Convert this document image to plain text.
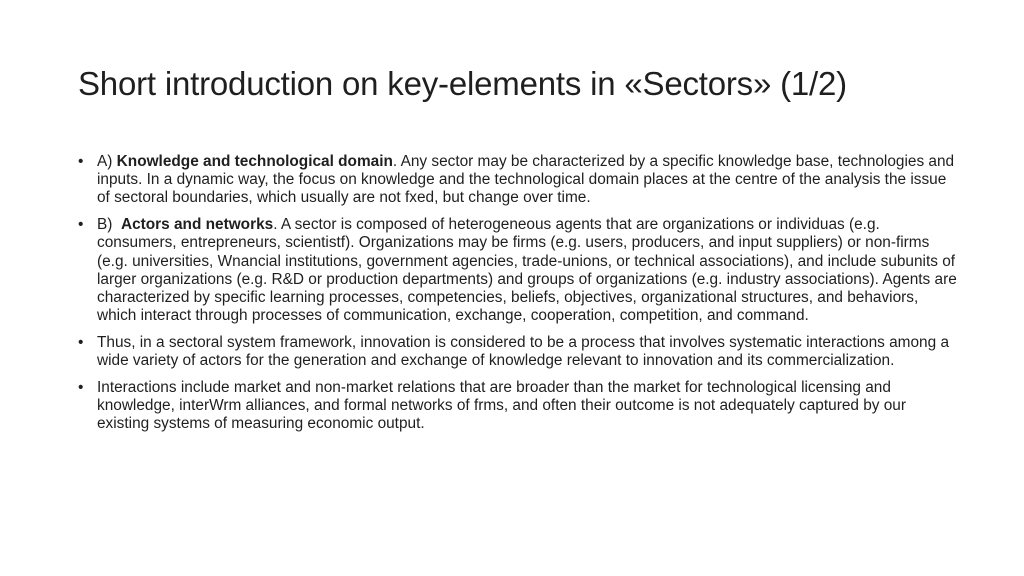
Short introduction on key-elements in «Sectors» (1/2)
• A) Knowledge and technological domain. Any sector may be characterized by a specific knowledge base, technologies and inputs. In a dynamic way, the focus on knowledge and the technological domain places at the centre of the analysis the issue of sectoral boundaries, which usually are not fxed, but change over time.
• B)  Actors and networks. A sector is composed of heterogeneous agents that are organizations or individuas (e.g. consumers, entrepreneurs, scientistf). Organizations may be firms (e.g. users, producers, and input suppliers) or non-firms (e.g. universities, Wnancial institutions, government agencies, trade-unions, or technical associations), and include subunits of larger organizations (e.g. R&D or production departments) and groups of organizations (e.g. industry associations). Agents are characterized by specific learning processes, competencies, beliefs, objectives, organizational structures, and behaviors, which interact through processes of communication, exchange, cooperation, competition, and command.
• Thus, in a sectoral system framework, innovation is considered to be a process that involves systematic interactions among a wide variety of actors for the generation and exchange of knowledge relevant to innovation and its commercialization.
• Interactions include market and non-market relations that are broader than the market for technological licensing and knowledge, interWrm alliances, and formal networks of frms, and often their outcome is not adequately captured by our existing systems of measuring economic output.
